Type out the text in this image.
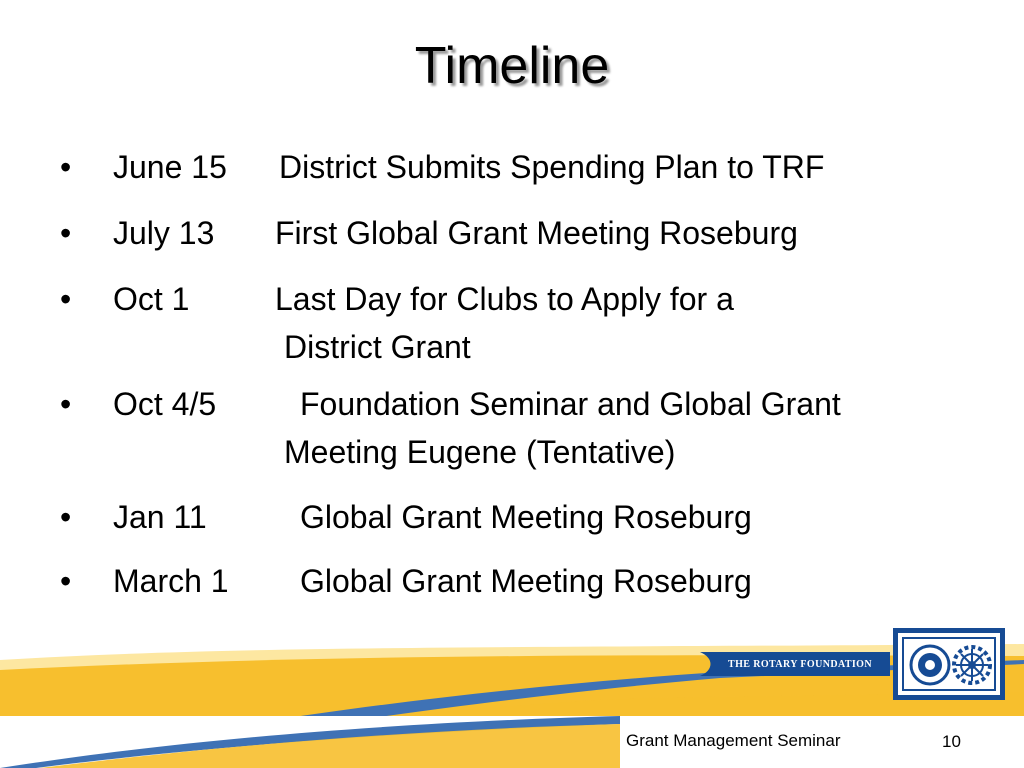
Timeline
• June 15 District Submits Spending Plan to TRF
• July 13 First Global Grant Meeting Roseburg
• Oct 1	Last Day for Clubs to Apply for a
District Grant
• Oct 4/5	Foundation Seminar and Global Grant
Meeting Eugene (Tentative)
• Jan 11	Global Grant Meeting Roseburg
• March 1 Global Grant Meeting Roseburg
THE ROTARY FOUNDATION
Grant Management Seminar	10
